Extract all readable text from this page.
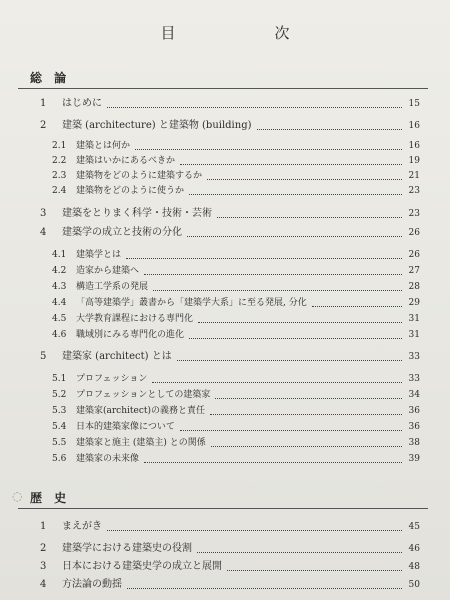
目　次
総 論
◌ 歴 史
1	はじめに	15
2	建築 (architecture) と建築物 (building)	16
2.1	建築とは何か	16
2.2	建築はいかにあるべきか	19
2.3	建築物をどのように建築するか	21
2.4	建築物をどのように使うか	23
3	建築をとりまく科学・技術・芸術	23
4	建築学の成立と技術の分化	26
4.1	建築学とは	26
4.2	造家から建築へ	27
4.3	構造工学系の発展	28
4.4	「高等建築学」叢書から「建築学大系」に至る発展, 分化	29
4.5	大学教育課程における専門化	31
4.6	職域別にみる専門化の進化	31
5	建築家 (architect) とは	33
5.1	プロフェッション	33
5.2	プロフェッションとしての建築家	34
5.3	建築家(architect)の義務と責任	36
5.4	日本的建築家像について	36
5.5	建築家と施主 (建築主) との関係	38
5.6	建築家の未来像	39
1	まえがき	45
2	建築学における建築史の役割	46
3	日本における建築史学の成立と展開	48
4	方法論の動揺	50
